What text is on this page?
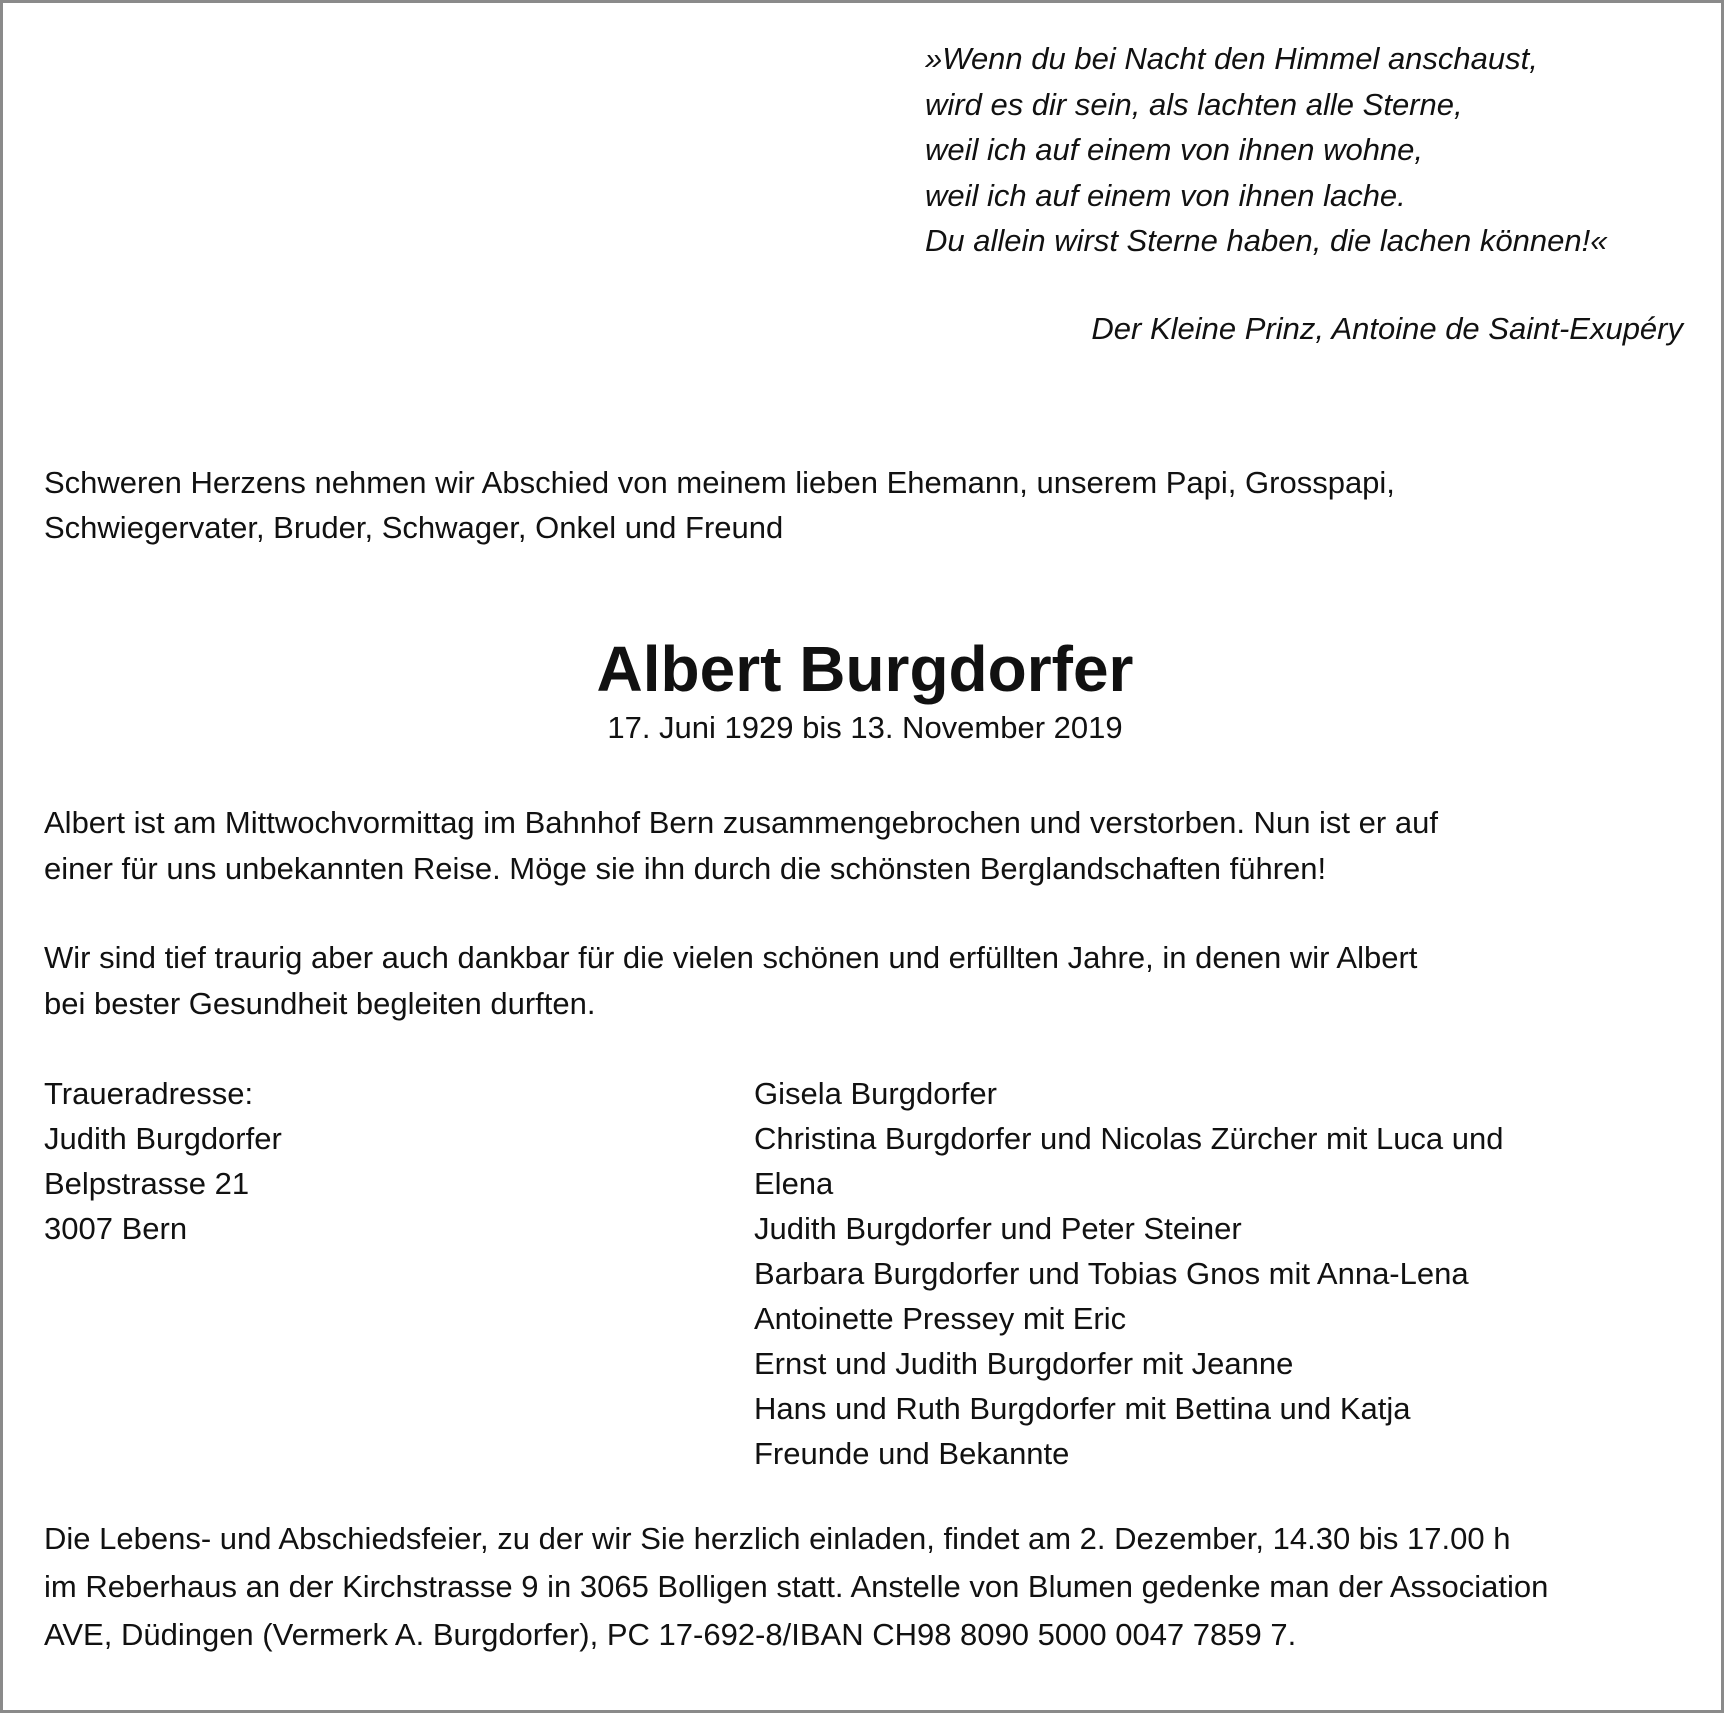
»Wenn du bei Nacht den Himmel anschaust,
wird es dir sein, als lachten alle Sterne,
weil ich auf einem von ihnen wohne,
weil ich auf einem von ihnen lache.
Du allein wirst Sterne haben, die lachen können!«
Der Kleine Prinz, Antoine de Saint-Exupéry
Schweren Herzens nehmen wir Abschied von meinem lieben Ehemann, unserem Papi, Grosspapi,
Schwiegervater, Bruder, Schwager, Onkel und Freund
Albert Burgdorfer
17. Juni 1929 bis 13. November 2019
Albert ist am Mittwochvormittag im Bahnhof Bern zusammengebrochen und verstorben. Nun ist er auf
einer für uns unbekannten Reise. Möge sie ihn durch die schönsten Berglandschaften führen!
Wir sind tief traurig aber auch dankbar für die vielen schönen und erfüllten Jahre, in denen wir Albert
bei bester Gesundheit begleiten durften.
Traueradresse:
Judith Burgdorfer
Belpstrasse 21
3007 Bern
Gisela Burgdorfer
Christina Burgdorfer und Nicolas Zürcher mit Luca und
Elena
Judith Burgdorfer und Peter Steiner
Barbara Burgdorfer und Tobias Gnos mit Anna-Lena
Antoinette Pressey mit Eric
Ernst und Judith Burgdorfer mit Jeanne
Hans und Ruth Burgdorfer mit Bettina und Katja
Freunde und Bekannte
Die Lebens- und Abschiedsfeier, zu der wir Sie herzlich einladen, findet am 2. Dezember, 14.30 bis 17.00 h
im Reberhaus an der Kirchstrasse 9 in 3065 Bolligen statt. Anstelle von Blumen gedenke man der Association
AVE, Düdingen (Vermerk A. Burgdorfer), PC 17-692-8/IBAN CH98 8090 5000 0047 7859 7.
